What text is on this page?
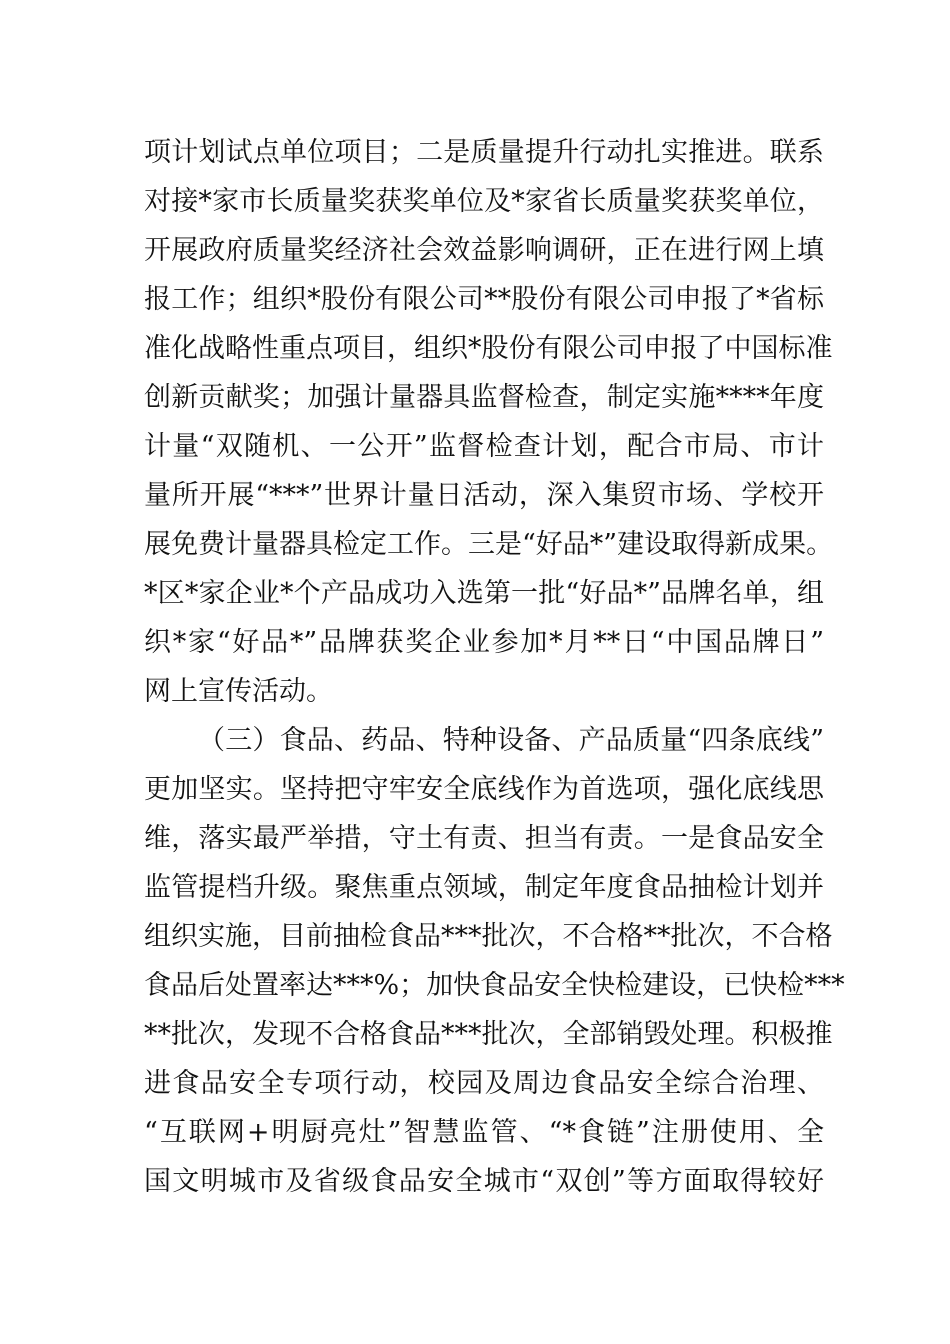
项计划试点单位项目；二是质量提升行动扎实推进。联系
对接*家市长质量奖获奖单位及*家省长质量奖获奖单位，
开展政府质量奖经济社会效益影响调研，正在进行网上填
报工作；组织*股份有限公司**股份有限公司申报了*省标
准化战略性重点项目，组织*股份有限公司申报了中国标准
创新贡献奖；加强计量器具监督检查，制定实施****年度
计量“双随机、一公开”监督检查计划，配合市局、市计
量所开展“***”世界计量日活动，深入集贸市场、学校开
展免费计量器具检定工作。三是“好品*”建设取得新成果。
*区*家企业*个产品成功入选第一批“好品*”品牌名单，组
织*家“好品*”品牌获奖企业参加*月**日“中国品牌日”
网上宣传活动。
（三）食品、药品、特种设备、产品质量“四条底线”
更加坚实。坚持把守牢安全底线作为首选项，强化底线思
维，落实最严举措，守土有责、担当有责。一是食品安全
监管提档升级。聚焦重点领域，制定年度食品抽检计划并
组织实施，目前抽检食品***批次，不合格**批次，不合格
食品后处置率达***%；加快食品安全快检建设，已快检***
**批次，发现不合格食品***批次，全部销毁处理。积极推
进食品安全专项行动，校园及周边食品安全综合治理、
“互联网+明厨亮灶”智慧监管、“*食链”注册使用、全
国文明城市及省级食品安全城市“双创”等方面取得较好
